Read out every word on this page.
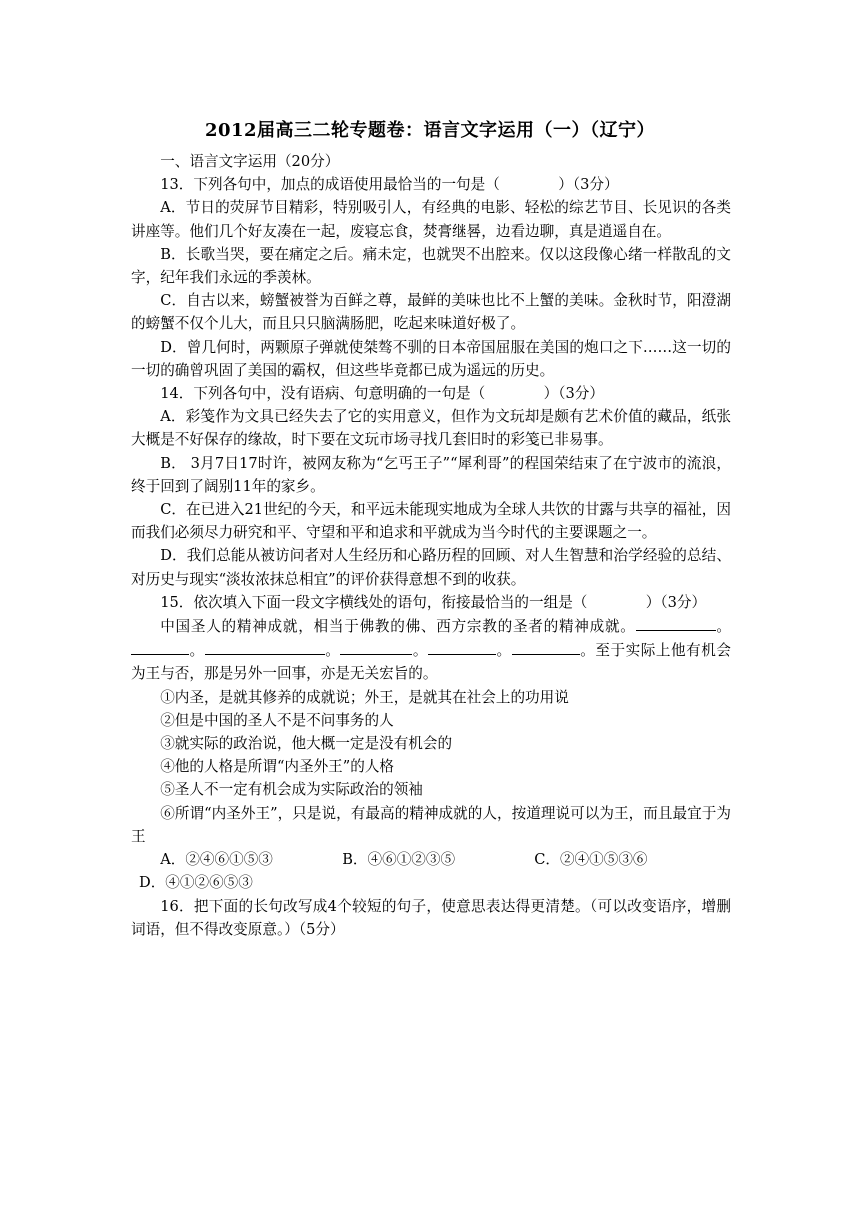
2012届高三二轮专题卷：语言文字运用（一）（辽宁）

一、语言文字运用（20分）

13．下列各句中，加点的成语使用最恰当的一句是（　　　　）（3分）

A．节日的荧屏节目精彩，特别吸引人，有经典的电影、轻松的综艺节目、长见识的各类讲座等。他们几个好友凑在一起，废寝忘食，焚膏继晷，边看边聊，真是逍遥自在。

B．长歌当哭，要在痛定之后。痛未定，也就哭不出腔来。仅以这段像心绪一样散乱的文字，纪年我们永远的季羡林。

C．自古以来，螃蟹被誉为百鲜之尊，最鲜的美味也比不上蟹的美味。金秋时节，阳澄湖的螃蟹不仅个儿大，而且只只脑满肠肥，吃起来味道好极了。

D．曾几何时，两颗原子弹就使桀骜不驯的日本帝国屈服在美国的炮口之下……这一切的一切的确曾巩固了美国的霸权，但这些毕竟都已成为遥远的历史。

14．下列各句中，没有语病、句意明确的一句是（　　　　）（3分）

A．彩笺作为文具已经失去了它的实用意义，但作为文玩却是颇有艺术价值的藏品，纸张大概是不好保存的缘故，时下要在文玩市场寻找几套旧时的彩笺已非易事。

B． 3月7日17时许，被网友称为“乞丐王子”“犀利哥”的程国荣结束了在宁波市的流浪，终于回到了阔别11年的家乡。

C．在已进入21世纪的今天，和平远未能现实地成为全球人共饮的甘露与共享的福祉，因而我们必须尽力研究和平、守望和平和追求和平就成为当今时代的主要课题之一。

D．我们总能从被访问者对人生经历和心路历程的回顾、对人生智慧和治学经验的总结、对历史与现实“淡妆浓抹总相宜”的评价获得意想不到的收获。

15．依次填入下面一段文字横线处的语句，衔接最恰当的一组是（　　　　）（3分）

中国圣人的精神成就，相当于佛教的佛、西方宗教的圣者的精神成就。	。。	。	。	。	。至于实际上他有机会为王与否，那是另外一回事，亦是无关宏旨的。

①内圣，是就其修养的成就说；外王，是就其在社会上的功用说

②但是中国的圣人不是不问事务的人

③就实际的政治说，他大概一定是没有机会的

④他的人格是所谓“内圣外王”的人格

⑤圣人不一定有机会成为实际政治的领袖

⑥所谓“内圣外王”，只是说，有最高的精神成就的人，按道理说可以为王，而且最宜于为王

A．②④⑥①⑤③	B．④⑥①②③⑤	C．②④①⑤③⑥

D．④①②⑥⑤③

16．把下面的长句改写成4个较短的句子，使意思表达得更清楚。（可以改变语序，增删词语，但不得改变原意。）（5分）
